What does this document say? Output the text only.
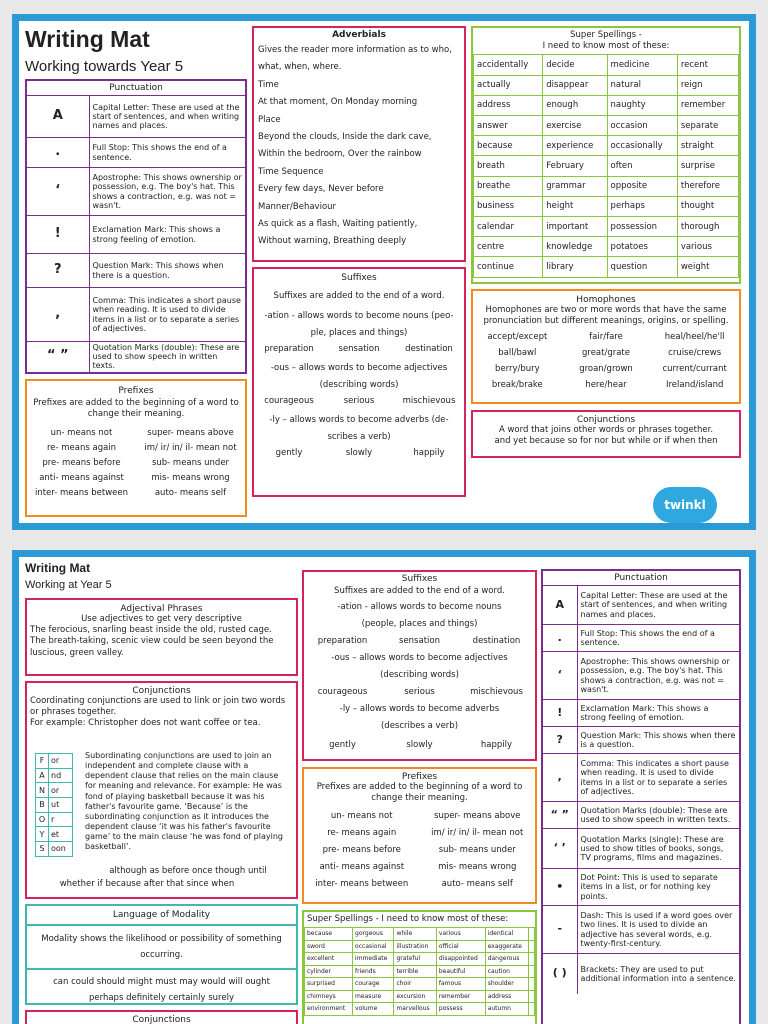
Writing Mat
Working towards Year 5
Punctuation
A	Capital Letter: These are used at the start of sentences, and when writing names and places.
.	Full Stop: This shows the end of a sentence.
‘	Apostrophe: This shows ownership or possession, e.g. The boy's hat. This shows a contraction, e.g. was not = wasn't.
!	Exclamation Mark: This shows a strong feeling of emotion.
?	Question Mark: This shows when there is a question.
,	Comma: This indicates a short pause when reading. It is used to divide items in a list or to separate a series of adjectives.
“ ”	Quotation Marks (double): These are used to show speech in written texts.
Prefixes
Prefixes are added to the beginning of a word to change their meaning.
un- means not	super- means above
re- means again	im/ ir/ in/ il- mean not
pre- means before	sub- means under
anti- means against	mis- means wrong
inter- means between	auto- means self
Adverbials
Gives the reader more information as to who,
what, when, where.
Time
At that moment, On Monday morning
Place
Beyond the clouds, Inside the dark cave,
Within the bedroom, Over the rainbow
Time Sequence
Every few days, Never before
Manner/Behaviour
As quick as a flash, Waiting patiently,
Without warning, Breathing deeply
Suffixes
Suffixes are added to the end of a word.
-ation - allows words to become nouns (peo-ple, places and things)
preparation	sensation	destination
-ous – allows words to become adjectives (describing words)
courageous	serious	mischievous
-ly – allows words to become adverbs (de-scribes a verb)
gently	slowly	happily
Super Spellings -
I need to know most of these:
accidentally	decide	medicine	recent
actually	disappear	natural	reign
address	enough	naughty	remember
answer	exercise	occasion	separate
because	experience	occasionally	straight
breath	February	often	surprise
breathe	grammar	opposite	therefore
business	height	perhaps	thought
calendar	important	possession	thorough
centre	knowledge	potatoes	various
continue	library	question	weight
Homophones
Homophones are two or more words that have the same pronunciation but different meanings, origins, or spelling.
accept/except	fair/fare	heal/heel/he'll
ball/bawl	great/grate	cruise/crews
berry/bury	groan/grown	current/currant
break/brake	here/hear	Ireland/island
Conjunctions
A word that joins other words or phrases together.
and yet because so for nor but while or if when then
twinkl
Writing Mat
Working at Year 5
Adjectival Phrases
Use adjectives to get very descriptive
The ferocious, snarling beast inside the old, rusted cage.
The breath-taking, scenic view could be seen beyond the luscious, green valley.
Conjunctions
Coordinating conjunctions are used to link or join two words or phrases together.
For example: Christopher does not want coffee or tea.
F	or
A	nd
N	or
B	ut
O	r
Y	et
S	oon
Subordinating conjunctions are used to join an independent and complete clause with a dependent clause that relies on the main clause for meaning and relevance. For example: He was fond of playing basketball because it was his father's favourite game. ‘Because’ is the subordinating conjunction as it introduces the dependent clause ‘it was his father's favourite game’ to the main clause ‘he was fond of playing basketball’.
although as before once though until
whether if because after that since when
Language of Modality
Modality shows the likelihood or possibility of something occurring.
can could should might must may would will ought perhaps definitely certainly surely
Conjunctions
Suffixes
Suffixes are added to the end of a word.
-ation - allows words to become nouns
(people, places and things)
preparation	sensation	destination
-ous – allows words to become adjectives
(describing words)
courageous	serious	mischievous
-ly – allows words to become adverbs
(describes a verb)
gently	slowly	happily
Prefixes
Prefixes are added to the beginning of a word to change their meaning.
un- means not	super- means above
re- means again	im/ ir/ in/ il- mean not
pre- means before	sub- means under
anti- means against	mis- means wrong
inter- means between	auto- means self
Super Spellings - I need to know most of these:
because	gorgeous	while	various	identical	
sword	occasional	illustration	official	exaggerate	
excellent	immediate	grateful	disappointed	dangerous	
cylinder	friends	terrible	beautiful	caution	
surprised	courage	choir	famous	shoulder	
chimneys	measure	excursion	remember	address	
environment	volume	marvellous	possess	autumn	
Punctuation
A	Capital Letter: These are used at the start of sentences, and when writing names and places.
.	Full Stop: This shows the end of a sentence.
‘	Apostrophe: This shows ownership or possession, e.g. The boy's hat. This shows a contraction, e.g. was not = wasn't.
!	Exclamation Mark: This shows a strong feeling of emotion.
?	Question Mark: This shows when there is a question.
,	Comma: This indicates a short pause when reading. It is used to divide items in a list or to separate a series of adjectives.
“ ”	Quotation Marks (double): These are used to show speech in written texts.
‘ ’	Quotation Marks (single): These are used to show titles of books, songs, TV programs, films and magazines.
•	Dot Point: This is used to separate items in a list, or for nothing key points.
-	Dash: This is used if a word goes over two lines. It is used to divide an adjective has several words, e.g. twenty-first-century.
( )	Brackets: They are used to put additional information into a sentence.
